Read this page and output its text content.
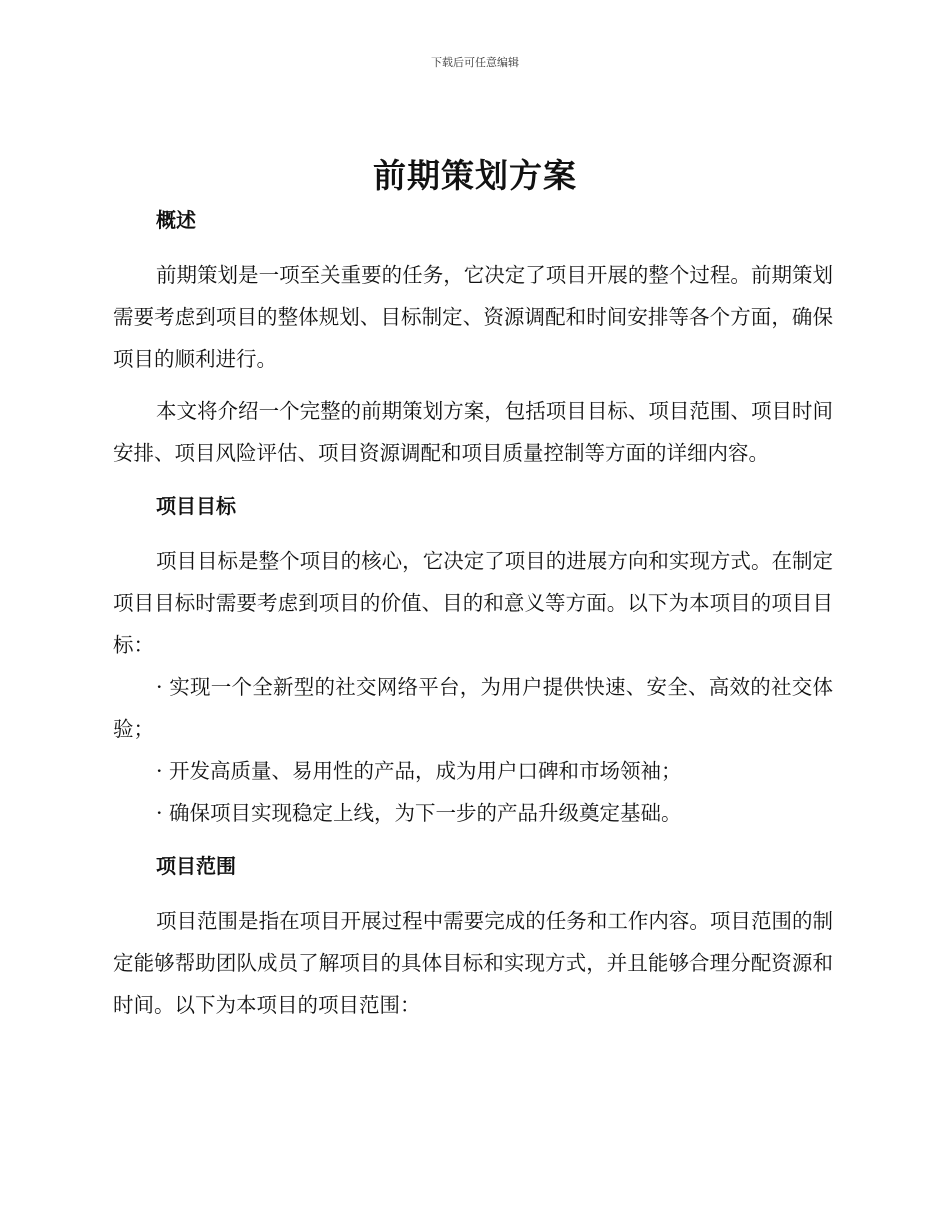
下载后可任意编辑
前期策划方案
概述

前期策划是一项至关重要的任务，它决定了项目开展的整个过程。前期策划需要考虑到项目的整体规划、目标制定、资源调配和时间安排等各个方面，确保项目的顺利进行。

本文将介绍一个完整的前期策划方案，包括项目目标、项目范围、项目时间安排、项目风险评估、项目资源调配和项目质量控制等方面的详细内容。

项目目标

项目目标是整个项目的核心，它决定了项目的进展方向和实现方式。在制定项目目标时需要考虑到项目的价值、目的和意义等方面。以下为本项目的项目目标：

· 实现一个全新型的社交网络平台，为用户提供快速、安全、高效的社交体验；

· 开发高质量、易用性的产品，成为用户口碑和市场领袖；

· 确保项目实现稳定上线，为下一步的产品升级奠定基础。

项目范围

项目范围是指在项目开展过程中需要完成的任务和工作内容。项目范围的制定能够帮助团队成员了解项目的具体目标和实现方式，并且能够合理分配资源和时间。以下为本项目的项目范围：
